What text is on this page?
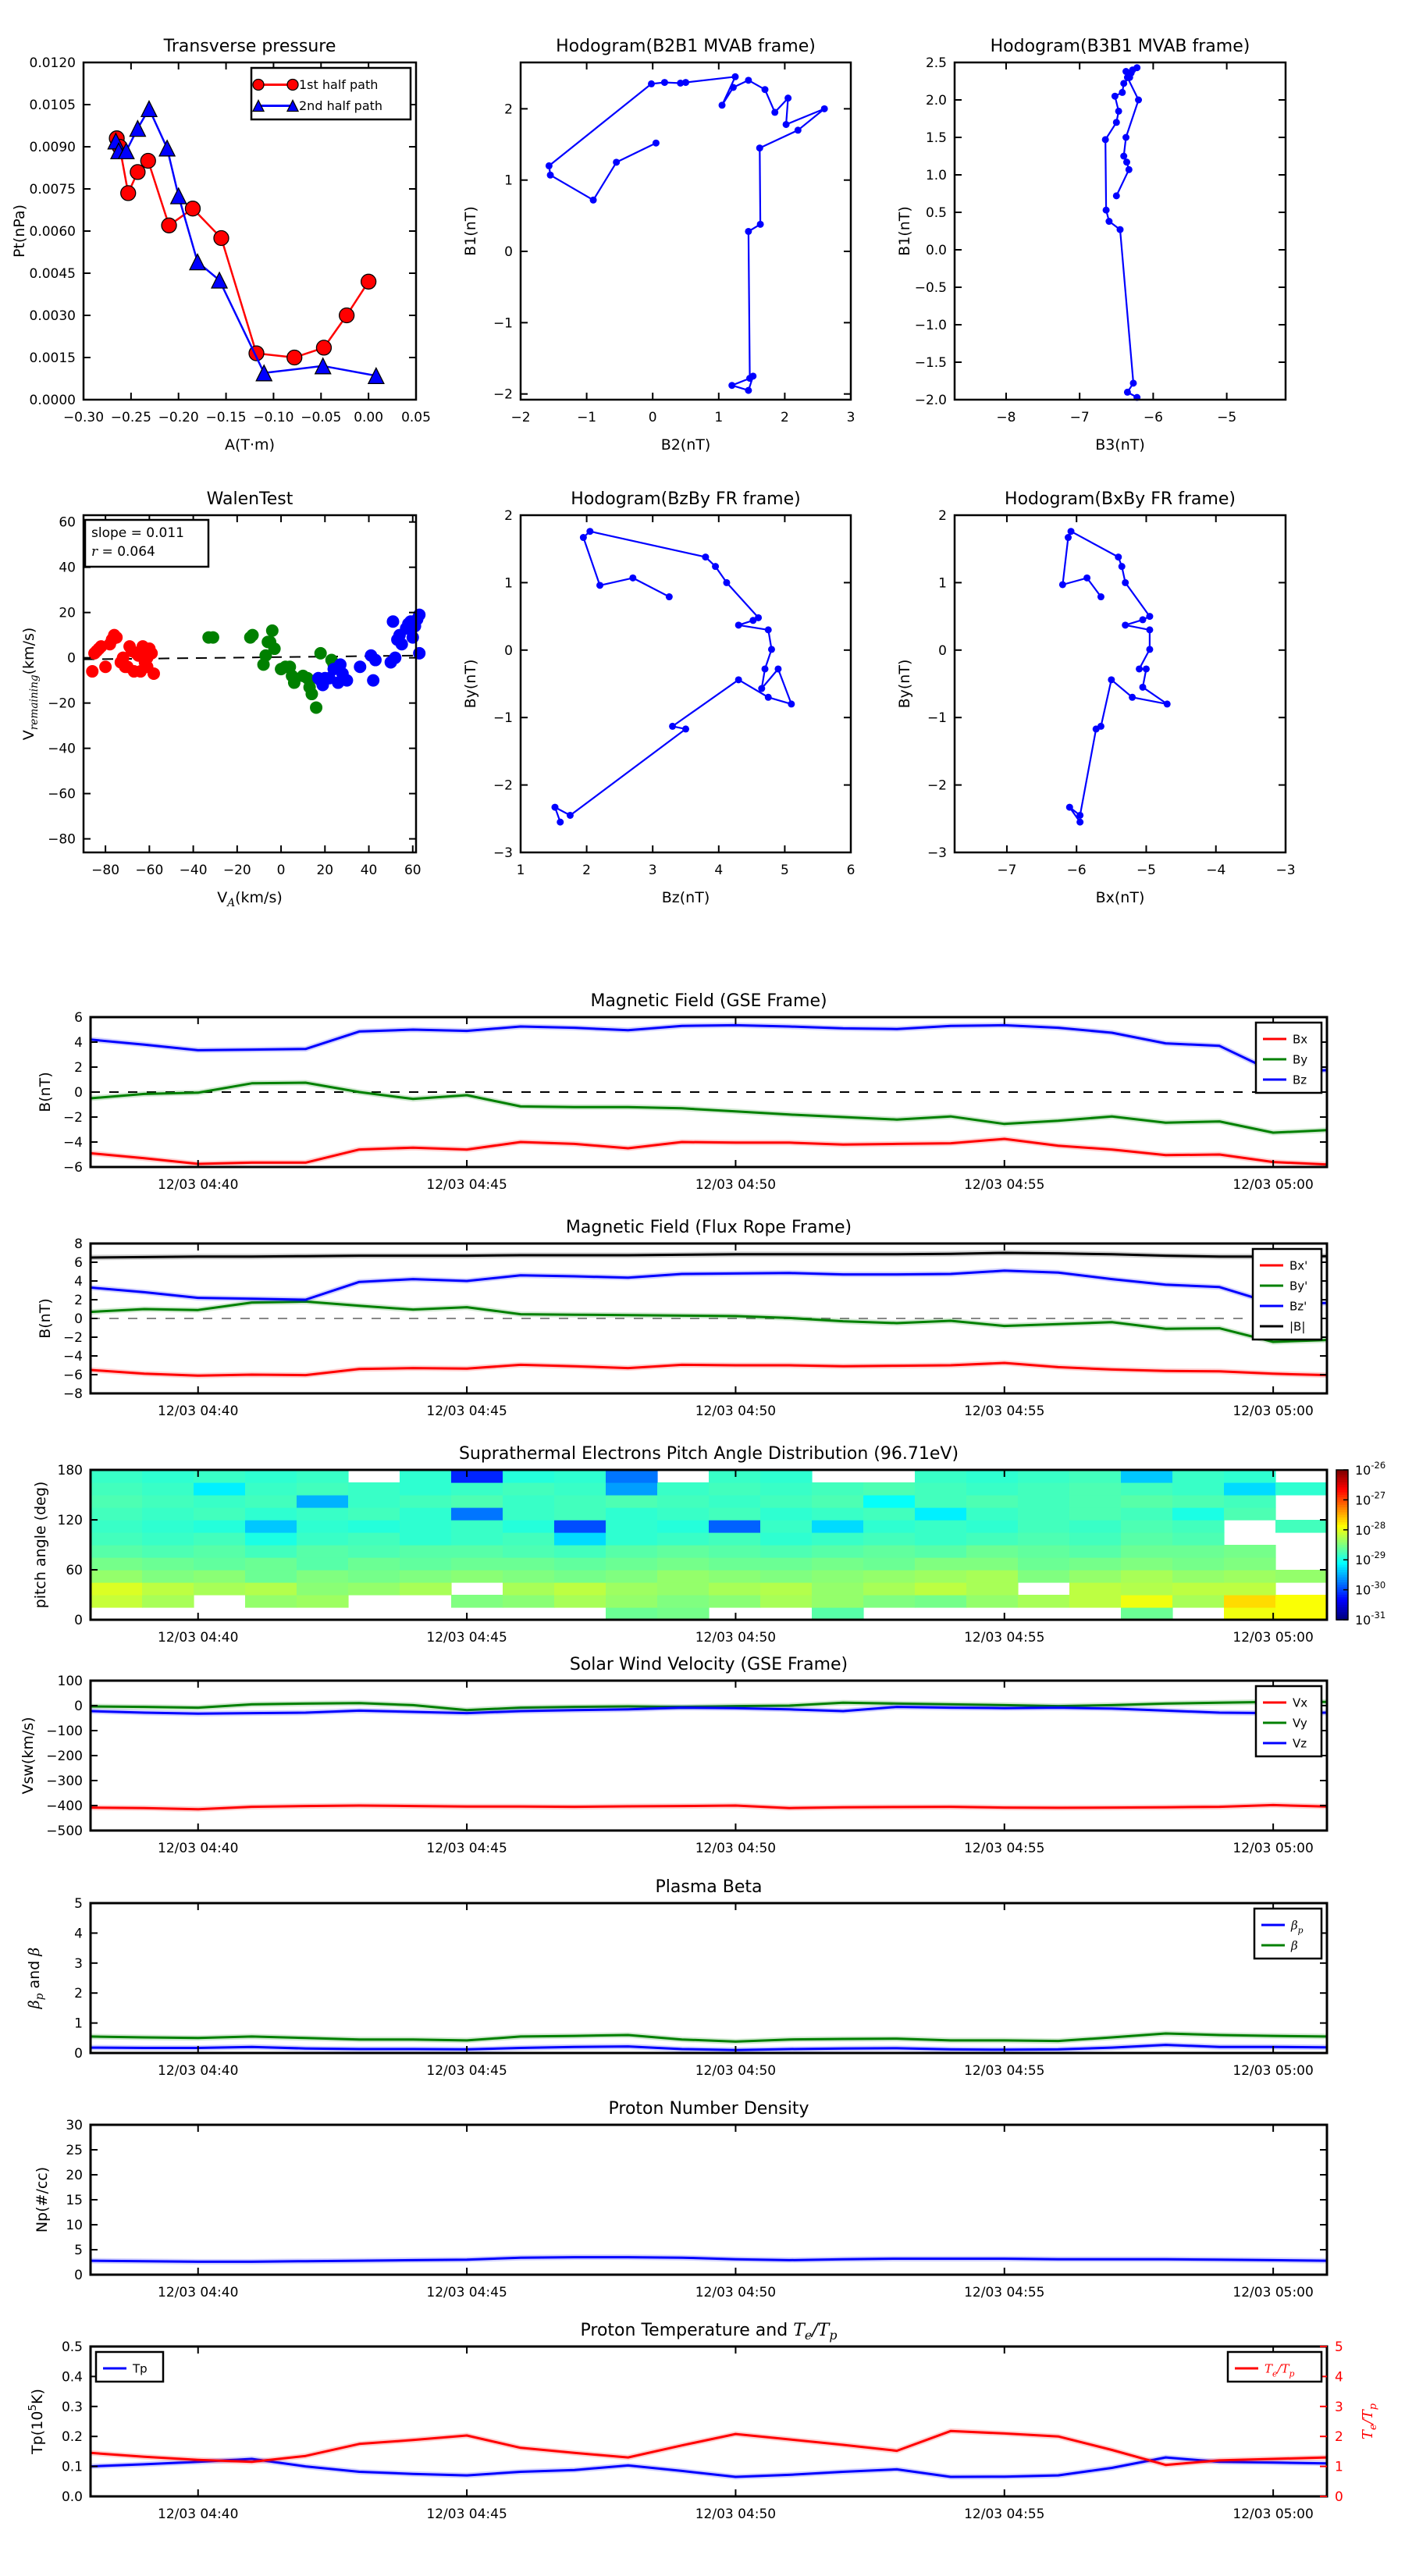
−0.30 −0.25 −0.20 −0.15 −0.10 −0.05 0.00 0.05
0.0000
0.0015
0.0030
0.0045
0.0060
0.0075
0.0090
0.0105
0.0120
Transverse pressure
A(T·m)
Pt(nPa)
1st half path
2nd half path
−2	−1	0	1	2	3
−2
−1
0
1
2
Hodogram(B2B1 MVAB frame)
B2(nT)
B1(nT)
−8	−7	−6	−5
−2.0
−1.5
−1.0
−0.5
0.0
0.5
1.0
1.5
2.0
2.5
Hodogram(B3B1 MVAB frame)
B3(nT)
B1(nT)
−80 −60 −40 −20 0 20 40 60
−80
−60
−40
−20
0
20
40
60
WalenTest
$V_A(km/s)$
$V_{remaining}(km/s)$
slope = 0.011
r = 0.064
1	2	3	4	5	6
−3
−2
−1
0
1
2
Hodogram(BzBy FR frame)
Bz(nT)
By(nT)
−7	−6	−5	−4	−3
−3
−2
−1
0
1
2
Hodogram(BxBy FR frame)
Bx(nT)
By(nT)
12/03 04:40	12/03 04:45	12/03 04:50	12/03 04:55	12/03 05:00
−6
−4
−2
0
2
4
6
Magnetic Field (GSE Frame)
B(nT)
Bx
By
Bz
12/03 04:40	12/03 04:45	12/03 04:50	12/03 04:55	12/03 05:00
−8
−6
−4
−2
0
2
4
6
8
Magnetic Field (Flux Rope Frame)
B(nT)
Bx'
By'
Bz'
|B|
12/03 04:40	12/03 04:45	12/03 04:50	12/03 04:55	12/03 05:00
0
60
120
180
Suprathermal Electrons Pitch Angle Distribution (96.71eV)
pitch angle (deg)
$10^{-26}$
$10^{-27}$
$10^{-28}$
$10^{-29}$
$10^{-30}$
$10^{-31}$
12/03 04:40	12/03 04:45	12/03 04:50	12/03 04:55	12/03 05:00
−500
−400
−300
−200
−100
0
100
Solar Wind Velocity (GSE Frame)
Vsw(km/s)
Vx
Vy
Vz
12/03 04:40	12/03 04:45	12/03 04:50	12/03 04:55	12/03 05:00
0
1
2
3
4
5
Plasma Beta
$\beta_p$ and β
$\beta_p$
β
12/03 04:40	12/03 04:45	12/03 04:50	12/03 04:55	12/03 05:00
0
5
10
15
20
25
30
Proton Number Density
Np(#/cc)
12/03 04:40	12/03 04:45	12/03 04:50	12/03 04:55	12/03 05:00
0.0
0.1
0.2
0.3
0.4
0.5
0
1
2
3
4
5
$T_e/T_p$
Proton Temperature and $T_e/T_p$
$Tp(10^5K)$
Tp	$T_e/T_p$
